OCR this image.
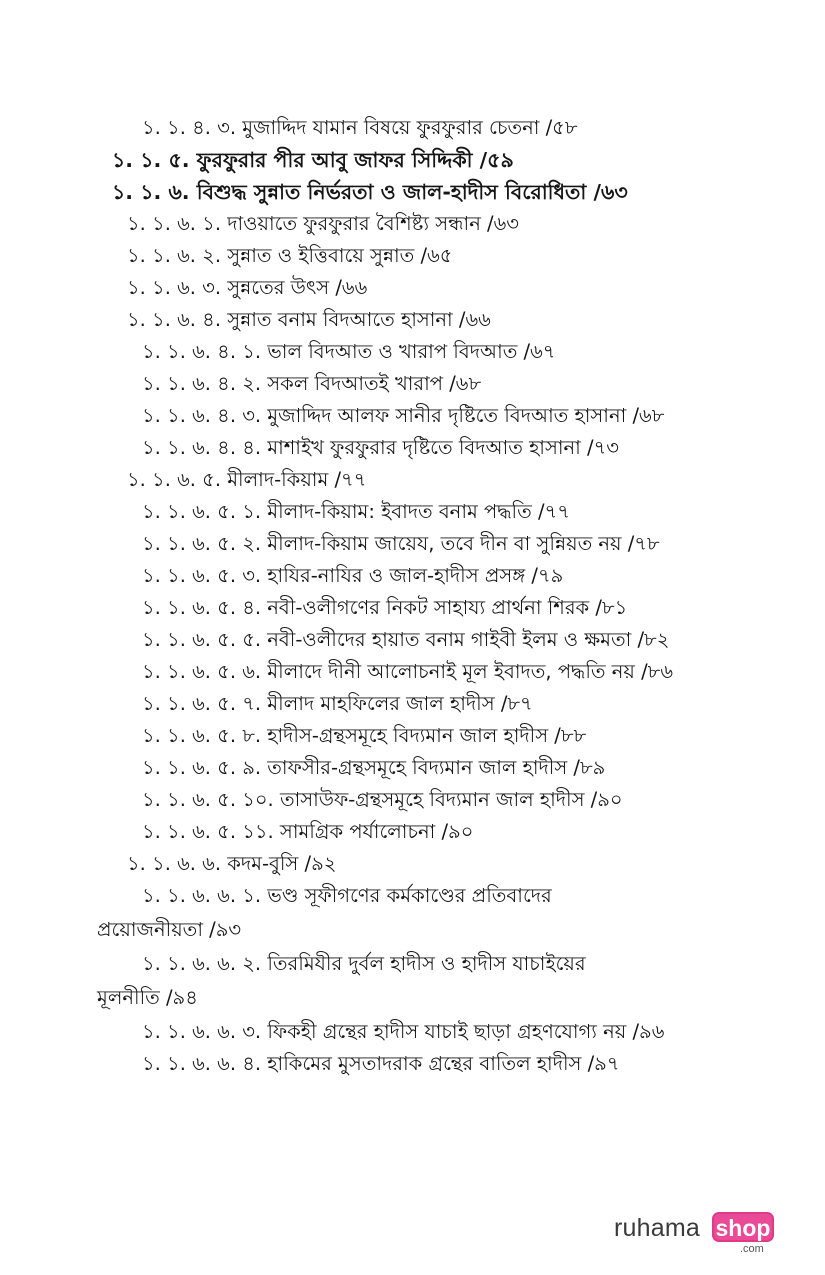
১. ১. ৪. ৩. মুজাদ্দিদ যামান বিষয়ে ফুরফুরার চেতনা /৫৮
১. ১. ৫. ফুরফুরার পীর আবু জাফর সিদ্দিকী /৫৯
১. ১. ৬. বিশুদ্ধ সুন্নাত নির্ভরতা ও জাল-হাদীস বিরোধিতা /৬৩
১. ১. ৬. ১. দাওয়াতে ফুরফুরার বৈশিষ্ট্য সন্ধান /৬৩
১. ১. ৬. ২. সুন্নাত ও ইত্তিবায়ে সুন্নাত /৬৫
১. ১. ৬. ৩. সুন্নতের উৎস /৬৬
১. ১. ৬. ৪. সুন্নাত বনাম বিদআতে হাসানা /৬৬
১. ১. ৬. ৪. ১. ভাল বিদআত ও খারাপ বিদআত /৬৭
১. ১. ৬. ৪. ২. সকল বিদআতই খারাপ /৬৮
১. ১. ৬. ৪. ৩. মুজাদ্দিদ আলফ সানীর দৃষ্টিতে বিদআত হাসানা /৬৮
১. ১. ৬. ৪. ৪. মাশাইখ ফুরফুরার দৃষ্টিতে বিদআত হাসানা /৭৩
১. ১. ৬. ৫. মীলাদ-কিয়াম /৭৭
১. ১. ৬. ৫. ১. মীলাদ-কিয়াম: ইবাদত বনাম পদ্ধতি /৭৭
১. ১. ৬. ৫. ২. মীলাদ-কিয়াম জায়েয, তবে দীন বা সুন্নিয়ত নয় /৭৮
১. ১. ৬. ৫. ৩. হাযির-নাযির ও জাল-হাদীস প্রসঙ্গ /৭৯
১. ১. ৬. ৫. ৪. নবী-ওলীগণের নিকট সাহায্য প্রার্থনা শিরক /৮১
১. ১. ৬. ৫. ৫. নবী-ওলীদের হায়াত বনাম গাইবী ইলম ও ক্ষমতা /৮২
১. ১. ৬. ৫. ৬. মীলাদে দীনী আলোচনাই মূল ইবাদত, পদ্ধতি নয় /৮৬
১. ১. ৬. ৫. ৭. মীলাদ মাহফিলের জাল হাদীস /৮৭
১. ১. ৬. ৫. ৮. হাদীস-গ্রন্থসমূহে বিদ্যমান জাল হাদীস /৮৮
১. ১. ৬. ৫. ৯. তাফসীর-গ্রন্থসমূহে বিদ্যমান জাল হাদীস /৮৯
১. ১. ৬. ৫. ১০. তাসাউফ-গ্রন্থসমূহে বিদ্যমান জাল হাদীস /৯০
১. ১. ৬. ৫. ১১. সামগ্রিক পর্যালোচনা /৯০
১. ১. ৬. ৬. কদম-বুসি /৯২
১. ১. ৬. ৬. ১. ভণ্ড সূফীগণের কর্মকাণ্ডের প্রতিবাদের
প্রয়োজনীয়তা /৯৩
১. ১. ৬. ৬. ২. তিরমিযীর দুর্বল হাদীস ও হাদীস যাচাইয়ের
মূলনীতি /৯৪
১. ১. ৬. ৬. ৩. ফিকহী গ্রন্থের হাদীস যাচাই ছাড়া গ্রহণযোগ্য নয় /৯৬
১. ১. ৬. ৬. ৪. হাকিমের মুসতাদরাক গ্রন্থের বাতিল হাদীস /৯৭
ruhama shop
.com
